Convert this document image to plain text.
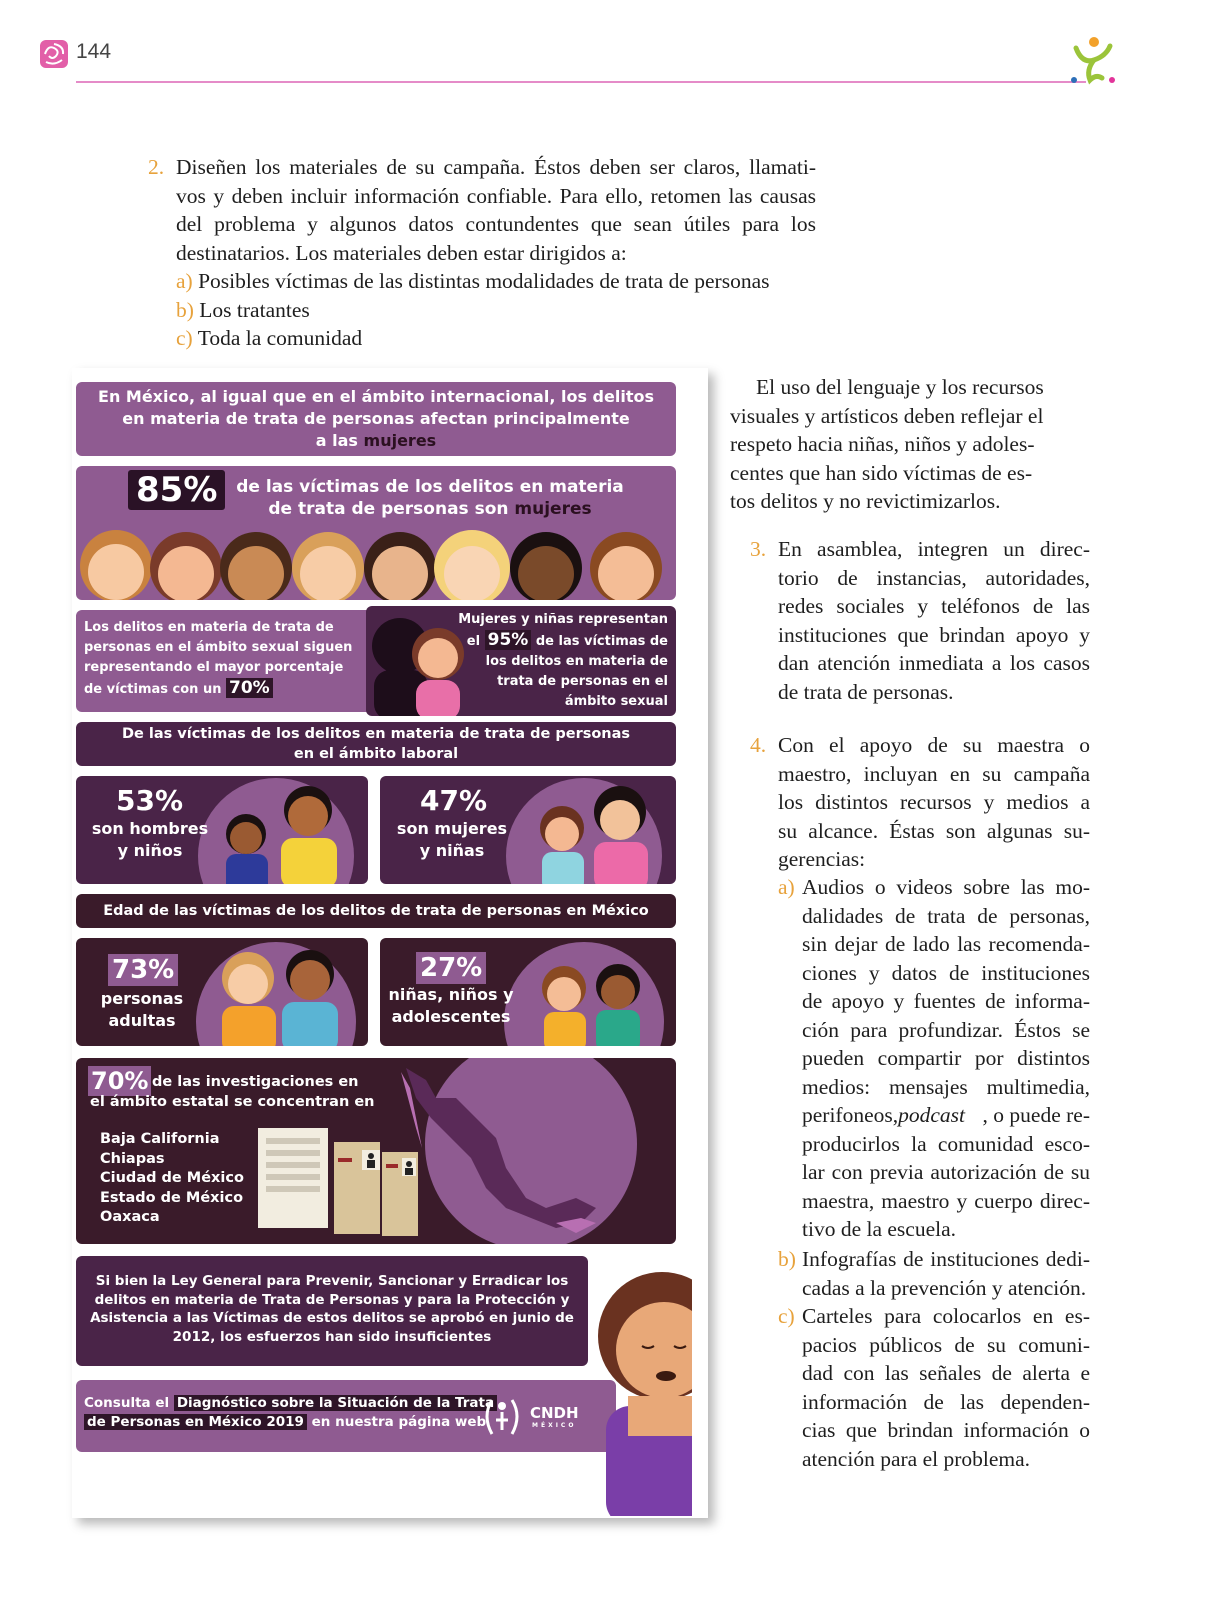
144
2. Diseñen los materiales de su campaña. Éstos deben ser claros, llamati-
vos y deben incluir información confiable. Para ello, retomen las causas
del problema y algunos datos contundentes que sean útiles para los
destinatarios. Los materiales deben estar dirigidos a:
a) Posibles víctimas de las distintas modalidades de trata de personas
b) Los tratantes
c) Toda la comunidad
El uso del lenguaje y los recursos
visuales y artísticos deben reflejar el
respeto hacia niñas, niños y adoles-
centes que han sido víctimas de es-
tos delitos y no revictimizarlos.
3. En asamblea, integren un direc-
torio de instancias, autoridades,
redes sociales y teléfonos de las
instituciones que brindan apoyo y
dan atención inmediata a los casos
de trata de personas.
4. Con el apoyo de su maestra o
maestro, incluyan en su campaña
los distintos recursos y medios a
su alcance. Éstas son algunas su-
gerencias:
a) Audios o videos sobre las mo-
dalidades de trata de personas,
sin dejar de lado las recomenda-
ciones y datos de instituciones
de apoyo y fuentes de informa-
ción para profundizar. Éstos se
pueden compartir por distintos
medios: mensajes multimedia,
perifoneos, podcast , o puede re-
producirlos la comunidad esco-
lar con previa autorización de su
maestra, maestro y cuerpo direc-
tivo de la escuela.
b) Infografías de instituciones dedi-
cadas a la prevención y atención.
c) Carteles para colocarlos en es-
pacios públicos de su comuni-
dad con las señales de alerta e
información de las dependen-
cias que brindan información o
atención para el problema.
En México, al igual que en el ámbito internacional, los delitos
en materia de trata de personas afectan principalmente
a las mujeres
85%	de las víctimas de los delitos en materia
de trata de personas son mujeres
Los delitos en materia de trata de
personas en el ámbito sexual siguen
representando el mayor porcentaje
de víctimas con un 70%
Mujeres y niñas representan
el 95% de las víctimas de
los delitos en materia de
trata de personas en el
ámbito sexual
De las víctimas de los delitos en materia de trata de personas
en el ámbito laboral
53%
son hombres
y niños
47%
son mujeres
y niñas
Edad de las víctimas de los delitos de trata de personas en México
73%
personas
adultas
27%
niñas, niños y
adolescentes
70% de las investigaciones en
el ámbito estatal se concentran en
Baja California
Chiapas
Ciudad de México
Estado de México
Oaxaca
Si bien la Ley General para Prevenir, Sancionar y Erradicar los
delitos en materia de Trata de Personas y para la Protección y
Asistencia a las Víctimas de estos delitos se aprobó en junio de
2012, los esfuerzos han sido insuficientes
Consulta el Diagnóstico sobre la Situación de la Trata
de Personas en México 2019 en nuestra página web	CNDH
MÉXICO
